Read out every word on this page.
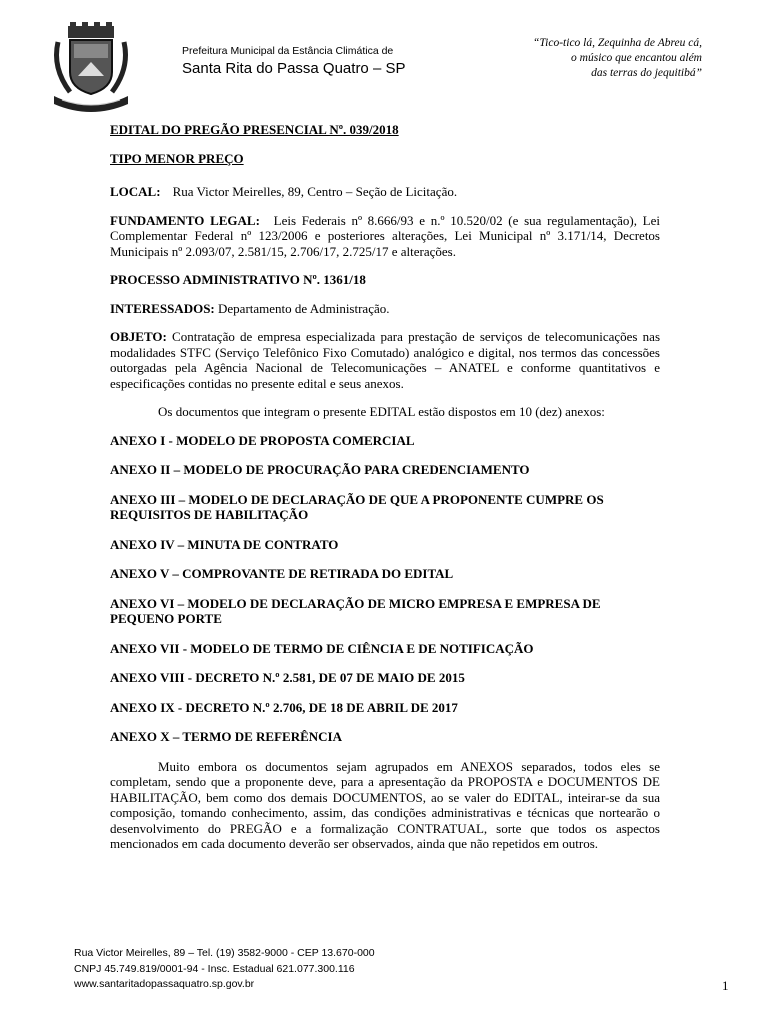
Prefeitura Municipal da Estância Climática de
Santa Rita do Passa Quatro – SP
“Tico-tico lá, Zequinha de Abreu cá,
o músico que encantou além
das terras do jequitibá”

EDITAL DO PREGÃO PRESENCIAL Nº. 039/2018

TIPO MENOR PREÇO

LOCAL: Rua Victor Meirelles, 89, Centro – Seção de Licitação.

FUNDAMENTO LEGAL: Leis Federais nº 8.666/93 e n.º 10.520/02 (e sua regulamentação), Lei Complementar Federal nº 123/2006 e posteriores alterações, Lei Municipal nº 3.171/14, Decretos Municipais nº 2.093/07, 2.581/15, 2.706/17, 2.725/17 e alterações.

PROCESSO ADMINISTRATIVO Nº. 1361/18

INTERESSADOS: Departamento de Administração.

OBJETO: Contratação de empresa especializada para prestação de serviços de telecomunicações nas modalidades STFC (Serviço Telefônico Fixo Comutado) analógico e digital, nos termos das concessões outorgadas pela Agência Nacional de Telecomunicações – ANATEL e conforme quantitativos e especificações contidas no presente edital e seus anexos.

Os documentos que integram o presente EDITAL estão dispostos em 10 (dez) anexos:

ANEXO I - MODELO DE PROPOSTA COMERCIAL

ANEXO II – MODELO DE PROCURAÇÃO PARA CREDENCIAMENTO

ANEXO III – MODELO DE DECLARAÇÃO DE QUE A PROPONENTE CUMPRE OS REQUISITOS DE HABILITAÇÃO

ANEXO IV – MINUTA DE CONTRATO

ANEXO V – COMPROVANTE DE RETIRADA DO EDITAL

ANEXO VI – MODELO DE DECLARAÇÃO DE MICRO EMPRESA E EMPRESA DE PEQUENO PORTE

ANEXO VII - MODELO DE TERMO DE CIÊNCIA E DE NOTIFICAÇÃO

ANEXO VIII - DECRETO N.º 2.581, DE 07 DE MAIO DE 2015

ANEXO IX - DECRETO N.º 2.706, DE 18 DE ABRIL DE 2017

ANEXO X – TERMO DE REFERÊNCIA

Muito embora os documentos sejam agrupados em ANEXOS separados, todos eles se completam, sendo que a proponente deve, para a apresentação da PROPOSTA e DOCUMENTOS DE HABILITAÇÃO, bem como dos demais DOCUMENTOS, ao se valer do EDITAL, inteirar-se da sua composição, tomando conhecimento, assim, das condições administrativas e técnicas que nortearão o desenvolvimento do PREGÃO e a formalização CONTRATUAL, sorte que todos os aspectos mencionados em cada documento deverão ser observados, ainda que não repetidos em outros.

Rua Victor Meirelles, 89 – Tel. (19) 3582-9000 - CEP 13.670-000
CNPJ 45.749.819/0001-94 - Insc. Estadual 621.077.300.116
www.santaritadopassaquatro.sp.gov.br	1
